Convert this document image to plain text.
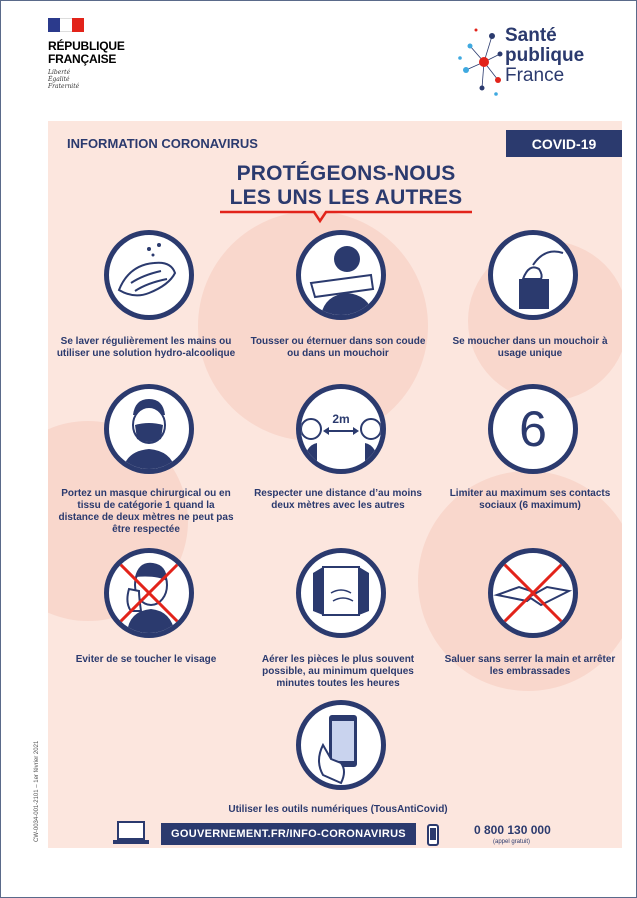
RÉPUBLIQUE
FRANÇAISE
Liberté
Égalité
Fraternité
Santé
publique
France
INFORMATION CORONAVIRUS	COVID-19
PROTÉGEONS-NOUS
LES UNS LES AUTRES
Se laver régulièrement les mains ou utiliser une solution hydro-alcoolique
Tousser ou éternuer dans son coude ou dans un mouchoir
Se moucher dans un mouchoir à usage unique
Portez un masque chirurgical ou en tissu de catégorie 1 quand la distance de deux mètres ne peut pas être respectée
2m
Respecter une distance d’au moins deux mètres avec les autres
6
Limiter au maximum ses contacts sociaux (6 maximum)
Eviter de se toucher le visage	Aérer les pièces le plus souvent possible, au minimum quelques minutes toutes les heures
Saluer sans serrer la main et arrêter les embrassades
Utiliser les outils numériques (TousAntiCovid)
GOUVERNEMENT.FR/INFO-CORONAVIRUS	0 800 130 000
(appel gratuit)
CW-0034-001-2101 – 1er février 2021
